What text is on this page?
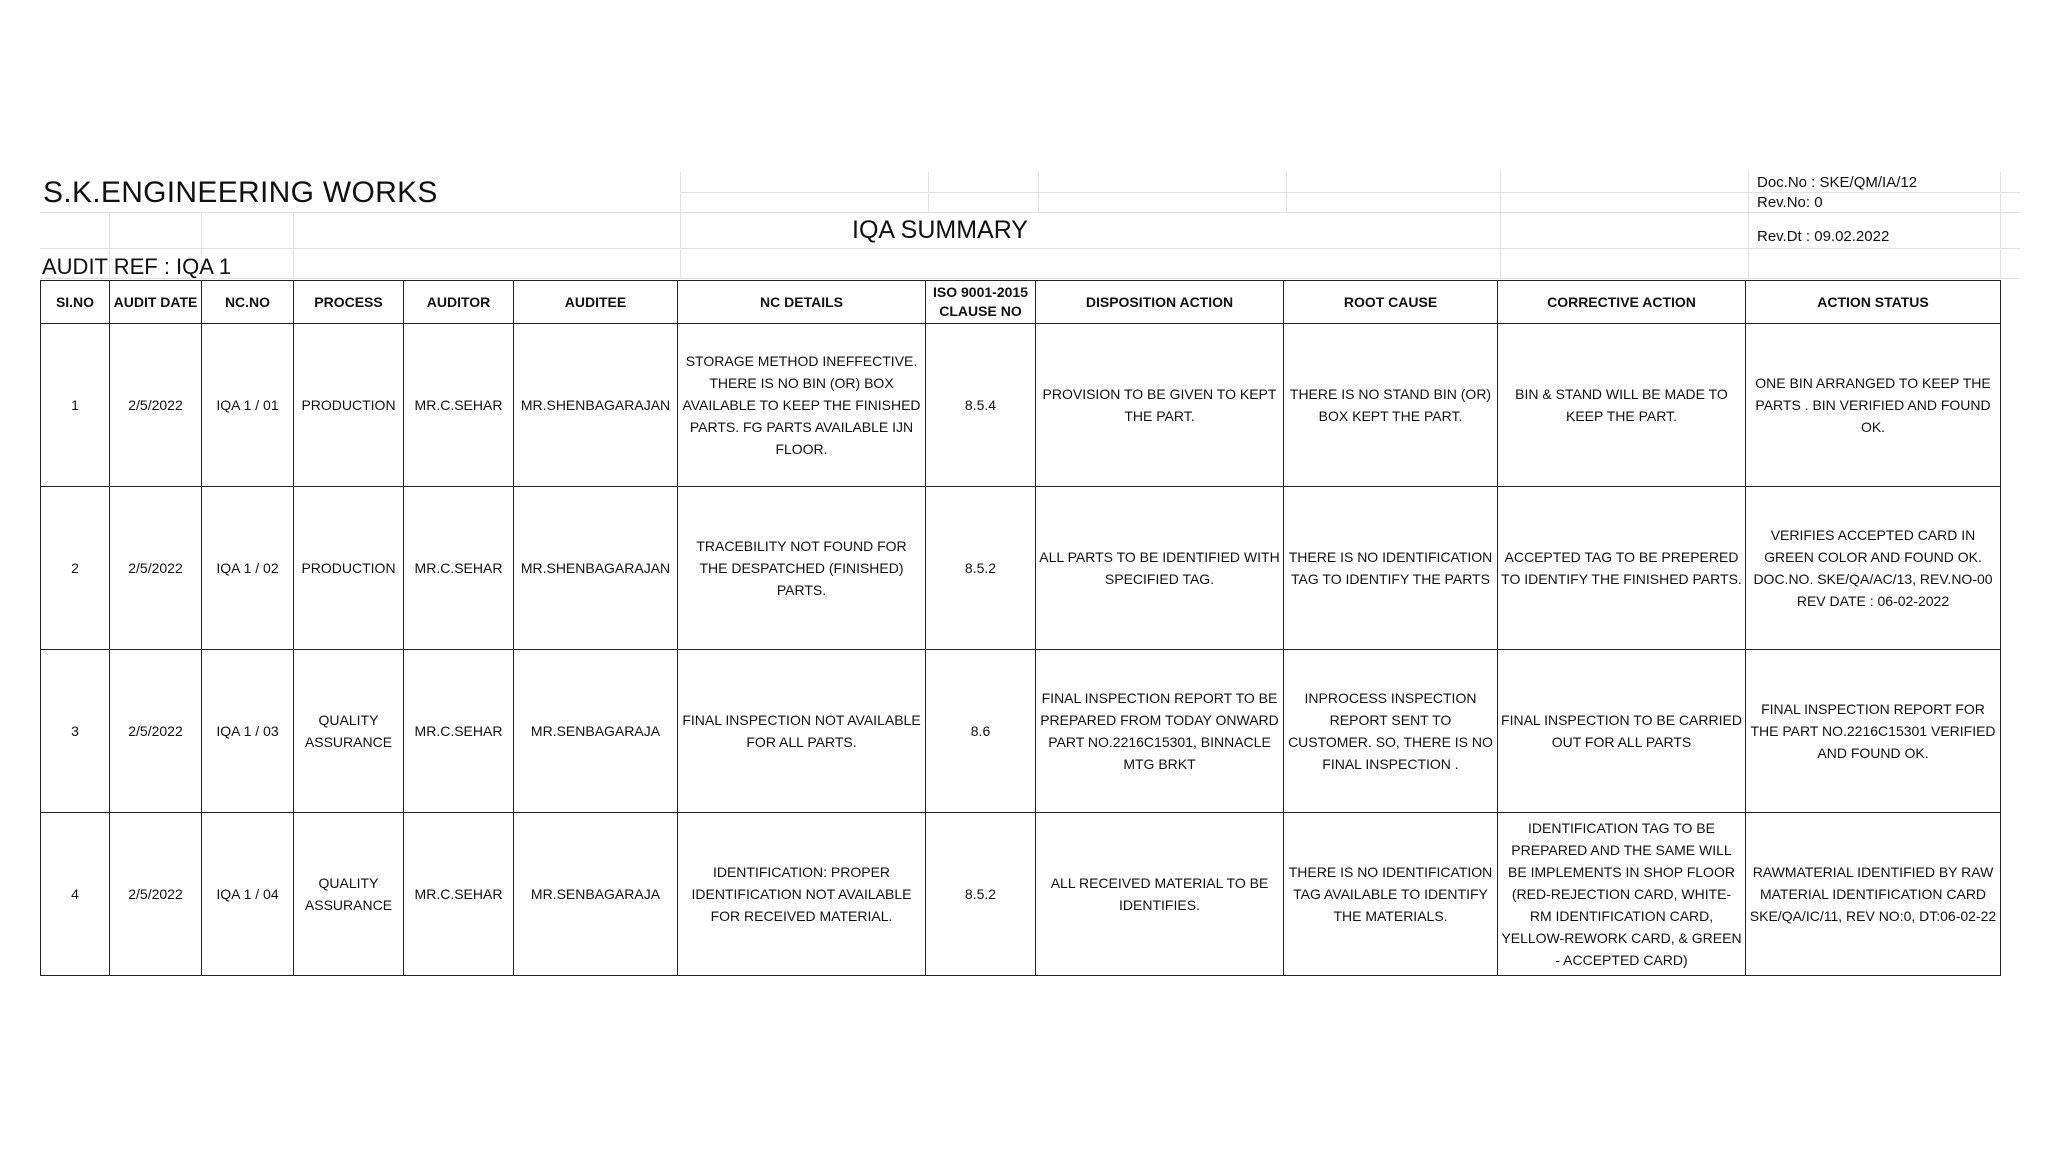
S.K.ENGINEERING WORKS
IQA SUMMARY
AUDIT REF : IQA 1
Doc.No : SKE/QM/IA/12
Rev.No: 0
Rev.Dt : 09.02.2022
SI.NO	AUDIT DATE	NC.NO	PROCESS	AUDITOR	AUDITEE	NC DETAILS	ISO 9001-2015
CLAUSE NO	DISPOSITION ACTION	ROOT CAUSE	CORRECTIVE ACTION	ACTION STATUS
1	2/5/2022	IQA 1 / 01	PRODUCTION	MR.C.SEHAR	MR.SHENBAGARAJAN	STORAGE METHOD INEFFECTIVE. THERE IS NO BIN (OR) BOX AVAILABLE TO KEEP THE FINISHED PARTS. FG PARTS AVAILABLE IJN FLOOR.	8.5.4	PROVISION TO BE GIVEN TO KEPT THE PART.	THERE IS NO STAND BIN (OR) BOX KEPT THE PART.	BIN & STAND WILL BE MADE TO KEEP THE PART.	ONE BIN ARRANGED TO KEEP THE PARTS . BIN VERIFIED AND FOUND OK.
2	2/5/2022	IQA 1 / 02	PRODUCTION	MR.C.SEHAR	MR.SHENBAGARAJAN	TRACEBILITY NOT FOUND FOR THE DESPATCHED (FINISHED) PARTS.	8.5.2	ALL PARTS TO BE IDENTIFIED WITH SPECIFIED TAG.	THERE IS NO IDENTIFICATION TAG TO IDENTIFY THE PARTS	ACCEPTED TAG TO BE PREPERED TO IDENTIFY THE FINISHED PARTS.	VERIFIES ACCEPTED CARD IN GREEN COLOR AND FOUND OK. DOC.NO. SKE/QA/AC/13, REV.NO-00 REV DATE : 06-02-2022
3	2/5/2022	IQA 1 / 03	QUALITY ASSURANCE	MR.C.SEHAR	MR.SENBAGARAJA	FINAL INSPECTION NOT AVAILABLE FOR ALL PARTS.	8.6	FINAL INSPECTION REPORT TO BE PREPARED FROM TODAY ONWARD PART NO.2216C15301, BINNACLE MTG BRKT	INPROCESS INSPECTION REPORT SENT TO CUSTOMER. SO, THERE IS NO FINAL INSPECTION .	FINAL INSPECTION TO BE CARRIED OUT FOR ALL PARTS	FINAL INSPECTION REPORT FOR THE PART NO.2216C15301 VERIFIED AND FOUND OK.
4	2/5/2022	IQA 1 / 04	QUALITY ASSURANCE	MR.C.SEHAR	MR.SENBAGARAJA	IDENTIFICATION: PROPER IDENTIFICATION NOT AVAILABLE FOR RECEIVED MATERIAL.	8.5.2	ALL RECEIVED MATERIAL TO BE IDENTIFIES.	THERE IS NO IDENTIFICATION TAG AVAILABLE TO IDENTIFY THE MATERIALS.	IDENTIFICATION TAG TO BE PREPARED AND THE SAME WILL BE IMPLEMENTS IN SHOP FLOOR (RED-REJECTION CARD, WHITE-RM IDENTIFICATION CARD, YELLOW-REWORK CARD, & GREEN - ACCEPTED CARD)	RAWMATERIAL IDENTIFIED BY RAW MATERIAL IDENTIFICATION CARD SKE/QA/IC/11, REV NO:0, DT:06-02-22
